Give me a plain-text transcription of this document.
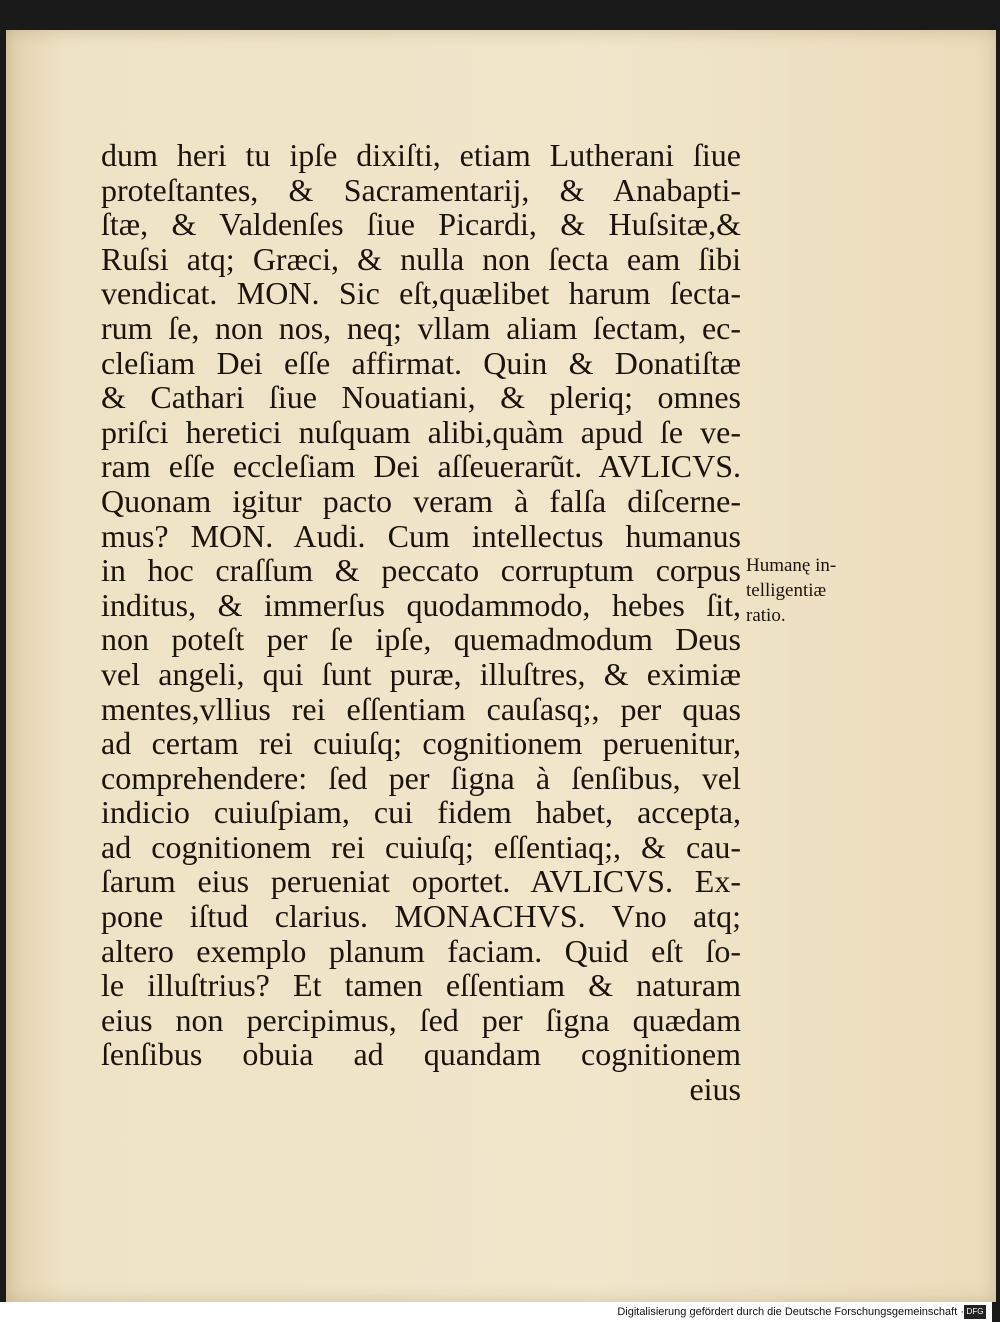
dum heri tu ipſe dixiſti, etiam Lutherani ſiue
proteſtantes, & Sacramentarij, & Anabapti-
ſtæ, & Valdenſes ſiue Picardi, & Huſsitæ,&
Ruſsi atq; Græci, & nulla non ſecta eam ſibi
vendicat. MON. Sic eſt,quælibet harum ſecta-
rum ſe, non nos, neq; vllam aliam ſectam, ec-
cleſiam Dei eſſe affirmat. Quin & Donatiſtæ
& Cathari ſiue Nouatiani, & pleriq; omnes
priſci heretici nuſquam alibi,quàm apud ſe ve-
ram eſſe eccleſiam Dei aſſeuerarũt. AVLICVS.
Quonam igitur pacto veram à falſa diſcerne-
mus? MON. Audi. Cum intellectus humanus
in hoc craſſum & peccato corruptum corpus
inditus, & immerſus quodammodo, hebes ſit,
non poteſt per ſe ipſe, quemadmodum Deus
vel angeli, qui ſunt puræ, illuſtres, & eximiæ
mentes,vllius rei eſſentiam cauſasq;, per quas
ad certam rei cuiuſq; cognitionem peruenitur,
comprehendere: ſed per ſigna à ſenſibus, vel
indicio cuiuſpiam, cui fidem habet, accepta,
ad cognitionem rei cuiuſq; eſſentiaq;, & cau-
ſarum eius perueniat oportet. AVLICVS. Ex-
pone iſtud clarius. MONACHVS. Vno atq;
altero exemplo planum faciam. Quid eſt ſo-
le illuſtrius? Et tamen eſſentiam & naturam
eius non percipimus, ſed per ſigna quædam
ſenſibus obuia ad quandam cognitionem
eius
Humanę in-
telligentiæ
ratio.
Digitalisierung gefördert durch die Deutsche Forschungsgemeinschaft · DFG
